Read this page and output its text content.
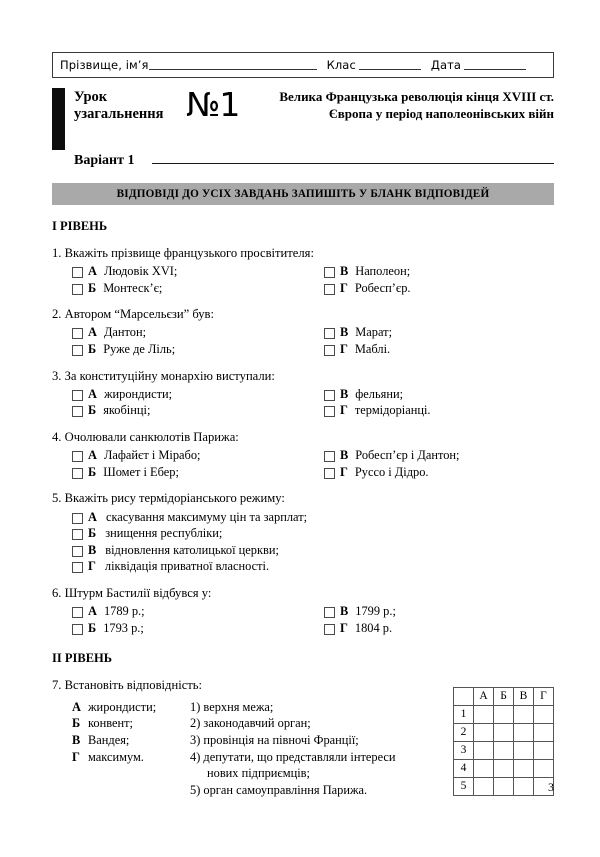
Прізвище, ім’я	Клас	Дата
Урок
узагальнення №1	Велика Французька революція кінця XVIII ст.
Європа у період наполеонівських війн
Варіант 1
ВІДПОВІДІ ДО УСІХ ЗАВДАНЬ ЗАПИШІТЬ У БЛАНК ВІДПОВІДЕЙ
І РІВЕНЬ
1. Вкажіть прізвище французького просвітителя:
А Людовік XVI;	В Наполеон;
Б Монтеск’є;	Г Робесп’єр.
2. Автором “Марсельєзи” був:
А Дантон;	В Марат;
Б Руже де Ліль;	Г Маблі.
3. За конституційну монархію виступали:
А жирондисти;	В фельяни;
Б якобінці;	Г термідоріанці.
4. Очолювали санкюлотів Парижа:
А Лафайєт і Мірабо;	В Робесп’єр і Дантон;
Б Шомет і Ебер;	Г Руссо і Дідро.
5. Вкажіть рису термідоріанського режиму:
А скасування максимуму цін та зарплат;
Б знищення республіки;
В відновлення католицької церкви;
Г ліквідація приватної власності.
6. Штурм Бастилії відбувся у:
А 1789 р.;	В 1799 р.;
Б 1793 р.;	Г 1804 р.
ІІ РІВЕНЬ
7. Встановіть відповідність:
А жирондисти;
Б конвент;
В Вандея;
Г максимум.
1) верхня межа;
2) законодавчий орган;
3) провінція на півночі Франції;
4) депутати, що представляли інтереси
нових підприємців;
5) орган самоуправління Парижа.
	А	Б	В	Г
1				
2				
3				
4				
5					3
